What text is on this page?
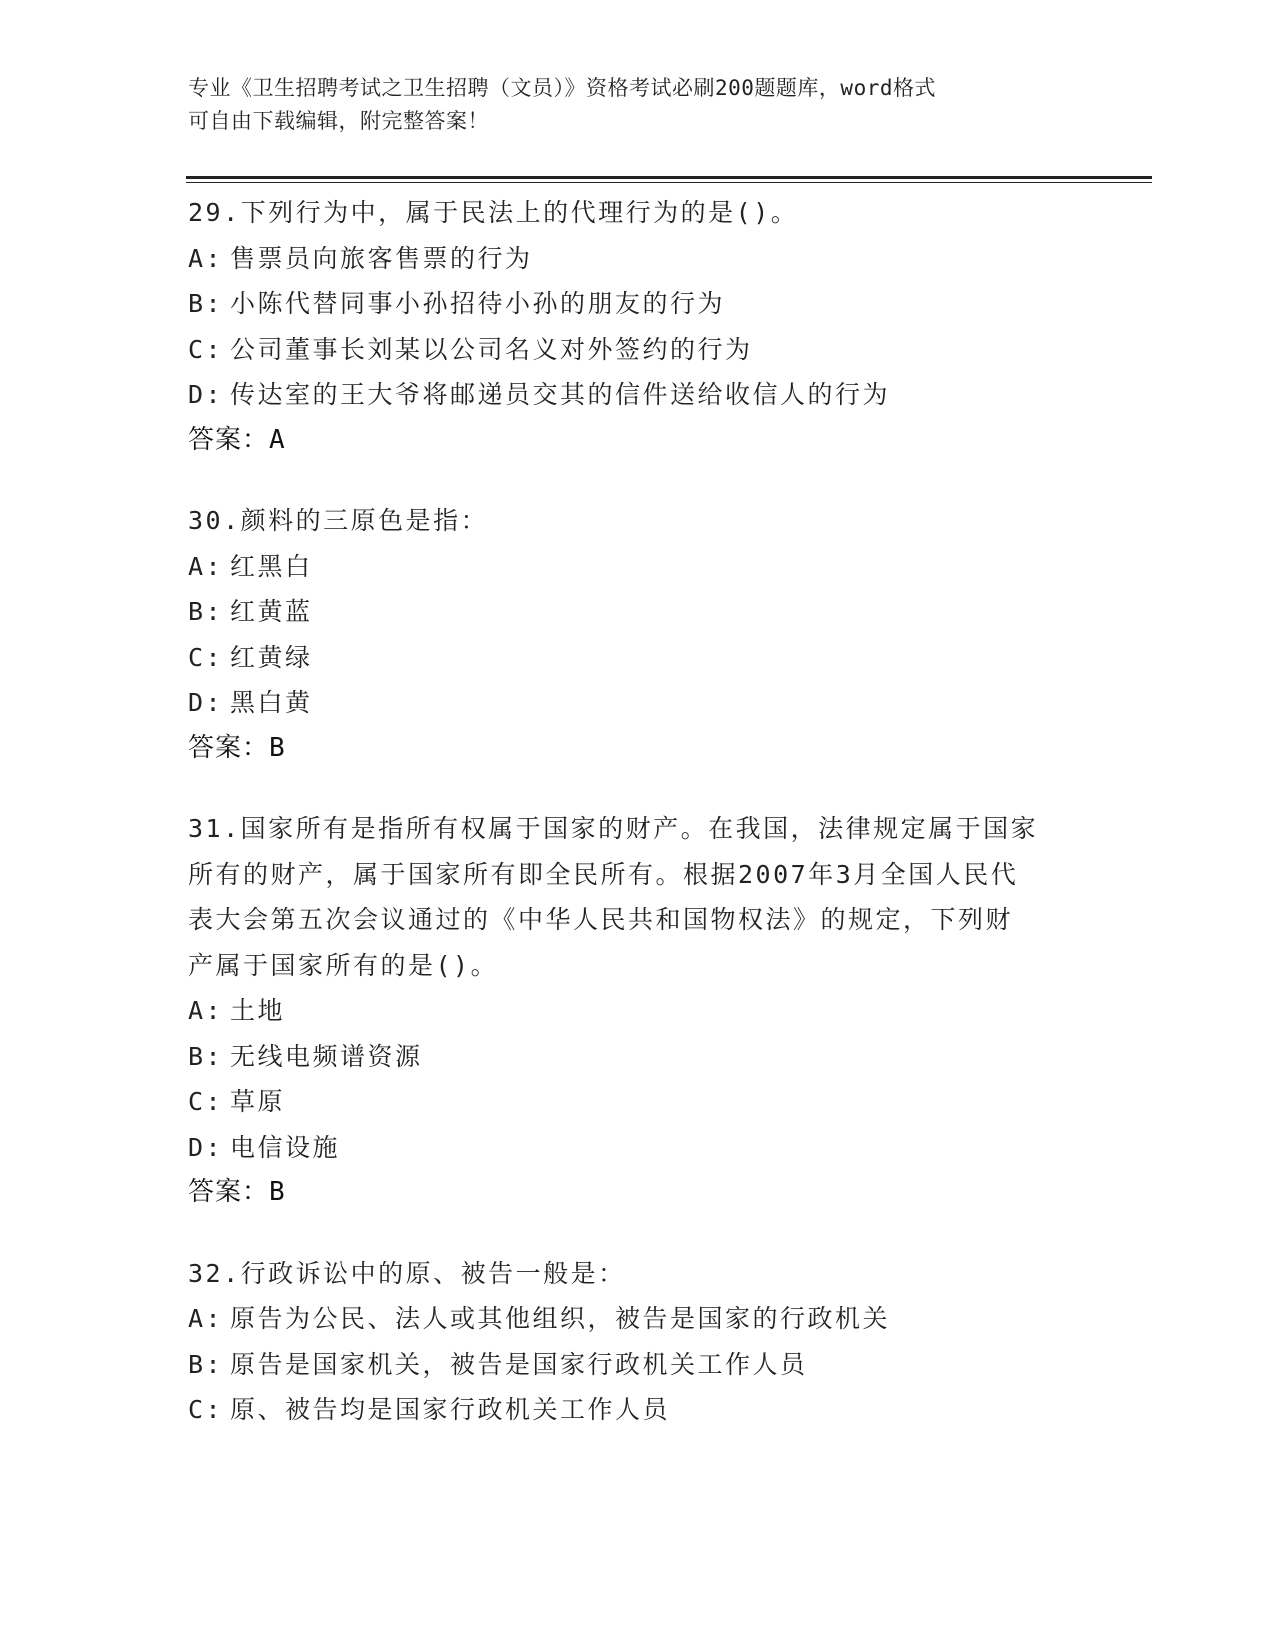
专业《卫生招聘考试之卫生招聘（文员）》资格考试必刷200题题库，word格式
可自由下载编辑，附完整答案！
29.下列行为中，属于民法上的代理行为的是()。
A: 售票员向旅客售票的行为
B: 小陈代替同事小孙招待小孙的朋友的行为
C: 公司董事长刘某以公司名义对外签约的行为
D: 传达室的王大爷将邮递员交其的信件送给收信人的行为
答案：A
30.颜料的三原色是指：
A: 红黑白
B: 红黄蓝
C: 红黄绿
D: 黑白黄
答案：B
31.国家所有是指所有权属于国家的财产。在我国，法律规定属于国家
所有的财产，属于国家所有即全民所有。根据2007年3月全国人民代
表大会第五次会议通过的《中华人民共和国物权法》的规定，下列财
产属于国家所有的是()。
A: 土地
B: 无线电频谱资源
C: 草原
D: 电信设施
答案：B
32.行政诉讼中的原、被告一般是：
A: 原告为公民、法人或其他组织，被告是国家的行政机关
B: 原告是国家机关，被告是国家行政机关工作人员
C: 原、被告均是国家行政机关工作人员
